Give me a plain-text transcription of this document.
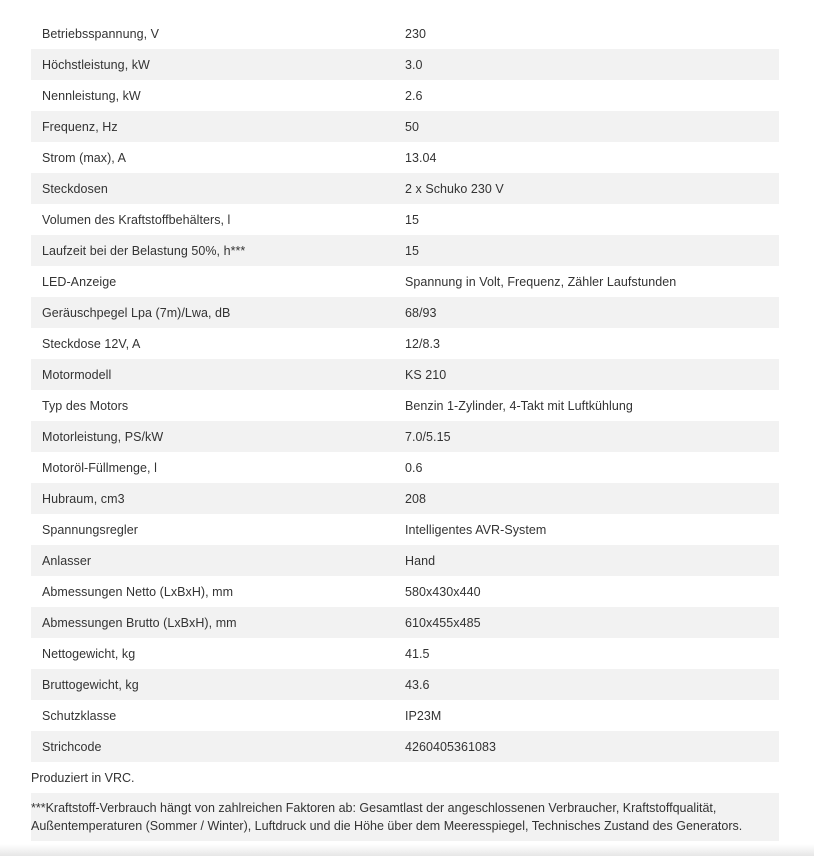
Betriebsspannung, V	230
Höchstleistung, kW	3.0
Nennleistung, kW	2.6
Frequenz, Hz	50
Strom (max), A	13.04
Steckdosen	2 x Schuko 230 V
Volumen des Kraftstoffbehälters, l	15
Laufzeit bei der Belastung 50%, h***	15
LED-Anzeige	Spannung in Volt, Frequenz, Zähler Laufstunden
Geräuschpegel Lpa (7m)/Lwa, dB	68/93
Steckdose 12V, A	12/8.3
Motormodell	KS 210
Typ des Motors	Benzin 1-Zylinder, 4-Takt mit Luftkühlung
Motorleistung, PS/kW	7.0/5.15
Motoröl-Füllmenge, l	0.6
Hubraum, cm3	208
Spannungsregler	Intelligentes AVR-System
Anlasser	Hand
Abmessungen Netto (LxBxH), mm	580x430x440
Abmessungen Brutto (LxBxH), mm	610x455x485
Nettogewicht, kg	41.5
Bruttogewicht, kg	43.6
Schutzklasse	IP23M
Strichcode	4260405361083
Produziert in VRC.
***Kraftstoff-Verbrauch hängt von zahlreichen Faktoren ab: Gesamtlast der angeschlossenen Verbraucher, Kraftstoffqualität, Außentemperaturen (Sommer / Winter), Luftdruck und die Höhe über dem Meeresspiegel, Technisches Zustand des Generators.
